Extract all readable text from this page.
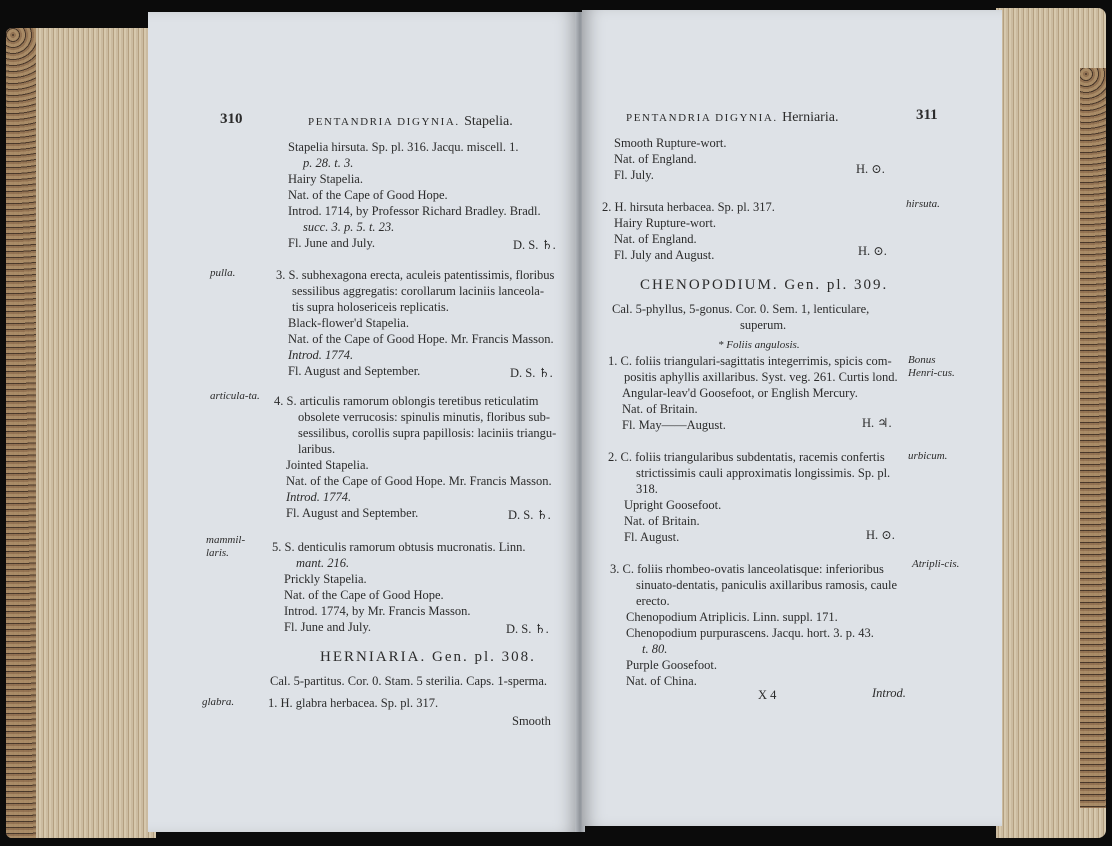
310	PENTANDRIA DIGYNIA. Stapelia.
Stapelia hirsuta. Sp. pl. 316. Jacqu. miscell. 1.
p. 28. t. 3.
Hairy Stapelia.
Nat. of the Cape of Good Hope.
Introd. 1714, by Professor Richard Bradley. Bradl.
succ. 3. p. 5. t. 23.
Fl. June and July.	D. S. ♄.
pulla.	3. S. subhexagona erecta, aculeis patentissimis, floribus
sessilibus aggregatis: corollarum laciniis lanceola-
tis supra holosericeis replicatis.
Black-flower'd Stapelia.
Nat. of the Cape of Good Hope. Mr. Francis Masson.
Introd. 1774.
Fl. August and September.	D. S. ♄.
articula-ta. 4. S. articulis ramorum oblongis teretibus reticulatim
obsolete verrucosis: spinulis minutis, floribus sub-
sessilibus, corollis supra papillosis: laciniis triangu-
laribus.
Jointed Stapelia.
Nat. of the Cape of Good Hope. Mr. Francis Masson.
Introd. 1774.
Fl. August and September.	D. S. ♄.
mammil-laris.	5. S. denticulis ramorum obtusis mucronatis. Linn.
mant. 216.
Prickly Stapelia.
Nat. of the Cape of Good Hope.
Introd. 1774, by Mr. Francis Masson.
Fl. June and July.	D. S. ♄.
HERNIARIA. Gen. pl. 308.
Cal. 5-partitus. Cor. 0. Stam. 5 sterilia. Caps. 1-sperma.
glabra.	1. H. glabra herbacea. Sp. pl. 317.
Smooth
PENTANDRIA DIGYNIA. Herniaria.	311
Smooth Rupture-wort.
Nat. of England.
Fl. July.	H. ⊙.
2. H. hirsuta herbacea. Sp. pl. 317.	hirsuta.
Hairy Rupture-wort.
Nat. of England.
Fl. July and August.	H. ⊙.
CHENOPODIUM. Gen. pl. 309.
Cal. 5-phyllus, 5-gonus. Cor. 0. Sem. 1, lenticulare,
superum.
* Foliis angulosis.
1. C. foliis triangulari-sagittatis integerrimis, spicis com- Bonus Henri-cus.
positis aphyllis axillaribus. Syst. veg. 261. Curtis lond.
Angular-leav'd Goosefoot, or English Mercury.
Nat. of Britain.
Fl. May——August.	H. ♃.
2. C. foliis triangularibus subdentatis, racemis confertis urbicum.
strictissimis cauli approximatis longissimis. Sp. pl.
318.
Upright Goosefoot.
Nat. of Britain.
Fl. August.	H. ⊙.
3. C. foliis rhombeo-ovatis lanceolatisque: inferioribus	Atripli-cis.
sinuato-dentatis, paniculis axillaribus ramosis, caule
erecto.
Chenopodium Atriplicis. Linn. suppl. 171.
Chenopodium purpurascens. Jacqu. hort. 3. p. 43.
t. 80.
Purple Goosefoot.
Nat. of China.
X 4	Introd.
